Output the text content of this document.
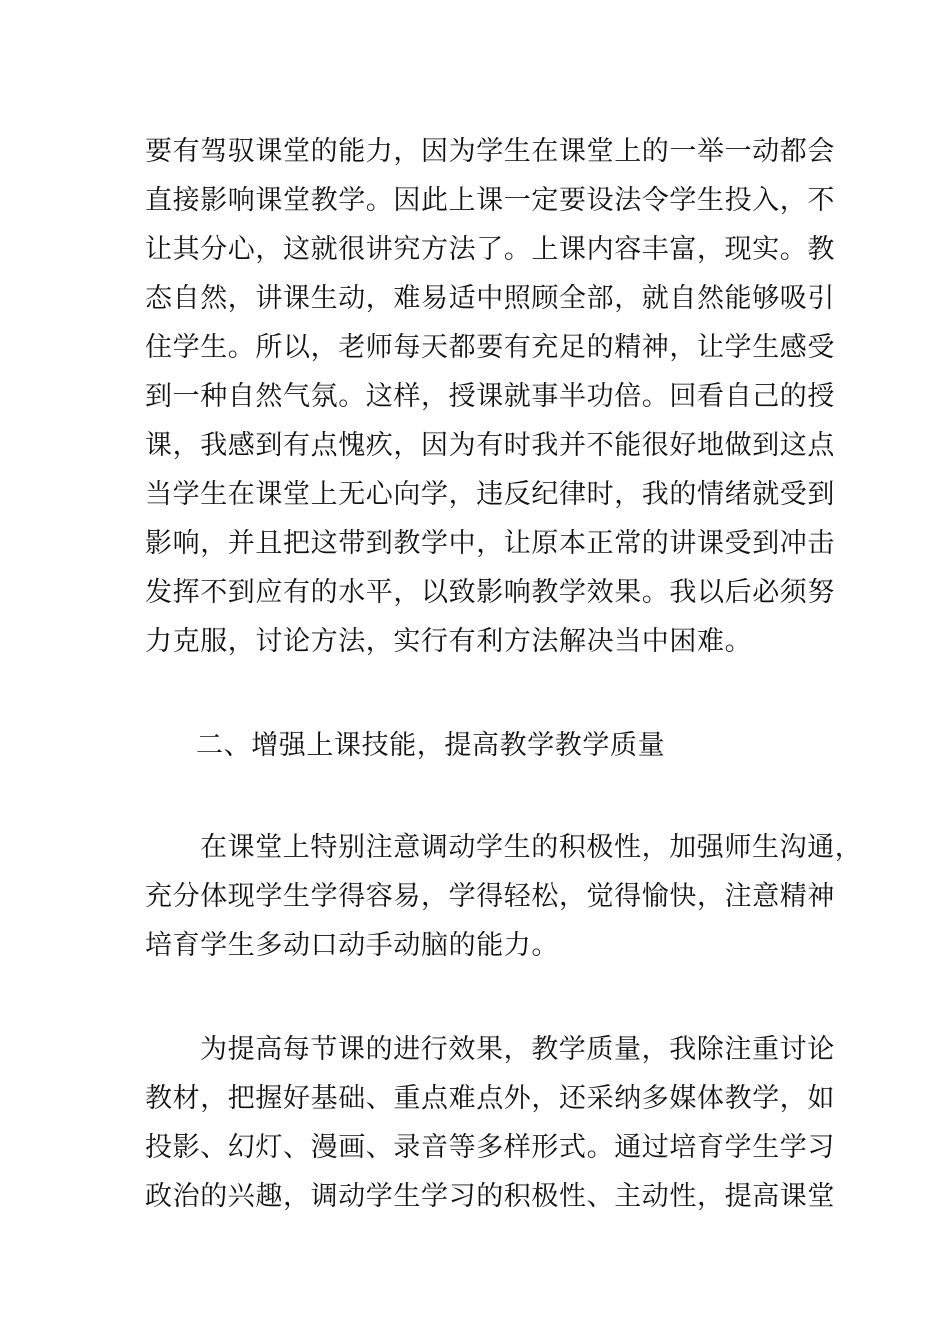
要有驾驭课堂的能力，因为学生在课堂上的一举一动都会
直接影响课堂教学。因此上课一定要设法令学生投入，不
让其分心，这就很讲究方法了。上课内容丰富，现实。教
态自然，讲课生动，难易适中照顾全部，就自然能够吸引
住学生。所以，老师每天都要有充足的精神，让学生感受
到一种自然气氛。这样，授课就事半功倍。回看自己的授
课，我感到有点愧疚，因为有时我并不能很好地做到这点
当学生在课堂上无心向学，违反纪律时，我的情绪就受到
影响，并且把这带到教学中，让原本正常的讲课受到冲击
发挥不到应有的水平，以致影响教学效果。我以后必须努
力克服，讨论方法，实行有利方法解决当中困难。
二、增强上课技能，提高教学教学质量
在课堂上特别注意调动学生的积极性，加强师生沟通，
充分体现学生学得容易，学得轻松，觉得愉快，注意精神
培育学生多动口动手动脑的能力。
为提高每节课的进行效果，教学质量，我除注重讨论
教材，把握好基础、重点难点外，还采纳多媒体教学，如
投影、幻灯、漫画、录音等多样形式。通过培育学生学习
政治的兴趣，调动学生学习的积极性、主动性，提高课堂
